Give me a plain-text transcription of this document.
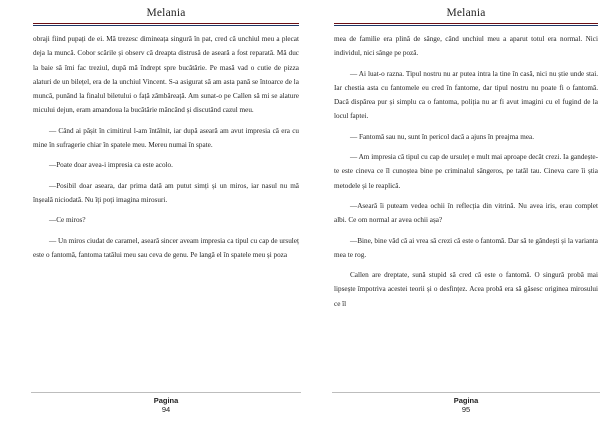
Melania

obraji fiind pupați de ei. Mă trezesc dimineața singură în pat, cred că unchiul meu a plecat deja la muncă. Cobor scările și observ că dreapta distrusă de aseară a fost reparată. Mă duc la baie să îmi fac treziul, după mă îndrept spre bucătărie. Pe masă vad o cutie de pizza alaturi de un bilețel, era de la unchiul Vincent. S-a asigurat să am asta pană se întoarce de la muncă, punând la finalul biletului o față zâmbăreață. Am sunat-o pe Callen să mi se alature micului dejun, eram amandoua la bucătărie mâncând și discutând cazul meu.

— Când ai pășit în cimitirul l-am întâlnit, iar după aseară am avut impresia că era cu mine în sufragerie chiar în spatele meu. Mereu numai în spate.

—Poate doar avea-i impresia ca este acolo.

—Posibil doar aseara, dar prima dată am putut simți și un miros, iar nasul nu mă înșeală niciodată. Nu îți poți imagina mirosuri.

—Ce miros?

— Un miros ciudat de caramel, aseară sincer aveam impresia ca tipul cu cap de ursuleț este o fantomă, fantoma tatălui meu sau ceva de genu. Pe langă el în spatele meu și poza

Pagina
94
Melania

mea de familie era plină de sânge, când unchiul meu a aparut totul era normal. Nici individul, nici sânge pe poză.

— Ai luat-o razna. Tipul nostru nu ar putea intra la tine în casă, nici nu știe unde stai. Iar chestia asta cu fantomele eu cred în fantome, dar tipul nostru nu poate fi o fantomă. Dacă dispărea pur și simplu ca o fantoma, poliția nu ar fi avut imagini cu el fugind de la locul faptei.

— Fantomă sau nu, sunt în pericol dacă a ajuns în preajma mea.

— Am impresia că tipul cu cap de ursuleț e mult mai aproape decât crezi. Ia gandește-te este cineva ce îl cunoștea bine pe criminalul sângeros, pe tatăl tau. Cineva care îi știa metodele și le reaplică.

—Aseară îi puteam vedea ochii în reflecția din vitrină. Nu avea iris, erau complet albi. Ce om normal ar avea ochii așa?

—Bine, bine văd că ai vrea să crezi că este o fantomă. Dar să te gândești și la varianta mea te rog.

Callen are dreptate, sună stupid să cred că este o fantomă. O singură probă mai lipsește împotriva acestei teorii și o desfințez. Acea probă era să găsesc originea mirosului ce îl

Pagina
95
